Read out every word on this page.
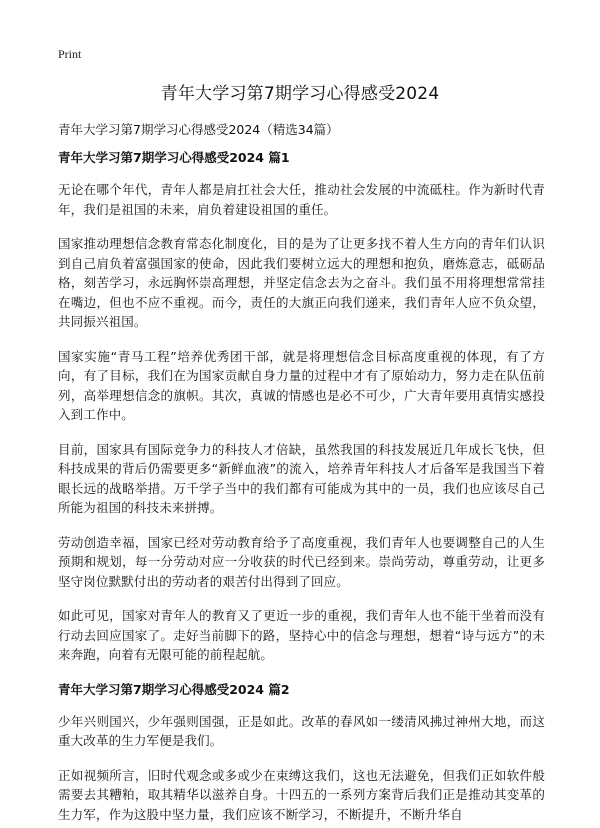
Print
青年大学习第7期学习心得感受2024

青年大学习第7期学习心得感受2024（精选34篇）

青年大学习第7期学习心得感受2024 篇1

无论在哪个年代，青年人都是肩扛社会大任，推动社会发展的中流砥柱。作为新时代青年，我们是祖国的未来，肩负着建设祖国的重任。

国家推动理想信念教育常态化制度化，目的是为了让更多找不着人生方向的青年们认识到自己肩负着富强国家的使命，因此我们要树立远大的理想和抱负，磨炼意志，砥砺品格，刻苦学习，永远胸怀崇高理想，并坚定信念去为之奋斗。我们虽不用将理想常常挂在嘴边，但也不应不重视。而今，责任的大旗正向我们递来，我们青年人应不负众望，共同振兴祖国。

国家实施“青马工程”培养优秀团干部，就是将理想信念目标高度重视的体现，有了方向，有了目标，我们在为国家贡献自身力量的过程中才有了原始动力，努力走在队伍前列，高举理想信念的旗帜。其次，真诚的情感也是必不可少，广大青年要用真情实感投入到工作中。

目前，国家具有国际竞争力的科技人才倍缺，虽然我国的科技发展近几年成长飞快，但科技成果的背后仍需要更多“新鲜血液”的流入，培养青年科技人才后备军是我国当下着眼长远的战略举措。万千学子当中的我们都有可能成为其中的一员，我们也应该尽自己所能为祖国的科技未来拼搏。

劳动创造幸福，国家已经对劳动教育给予了高度重视，我们青年人也要调整自己的人生预期和规划，每一分劳动对应一分收获的时代已经到来。崇尚劳动，尊重劳动，让更多坚守岗位默默付出的劳动者的艰苦付出得到了回应。

如此可见，国家对青年人的教育又了更近一步的重视，我们青年人也不能干坐着而没有行动去回应国家了。走好当前脚下的路，坚持心中的信念与理想，想着“诗与远方”的未来奔跑，向着有无限可能的前程起航。

青年大学习第7期学习心得感受2024 篇2

少年兴则国兴，少年强则国强，正是如此。改革的春风如一缕清风拂过神州大地，而这重大改革的生力军便是我们。

正如视频所言，旧时代观念或多或少在束缚这我们，这也无法避免，但我们正如软件般需要去其糟粕，取其精华以滋养自身。十四五的一系列方案背后我们正是推动其变革的生力军，作为这股中坚力量，我们应该不断学习，不断提升，不断升华自
